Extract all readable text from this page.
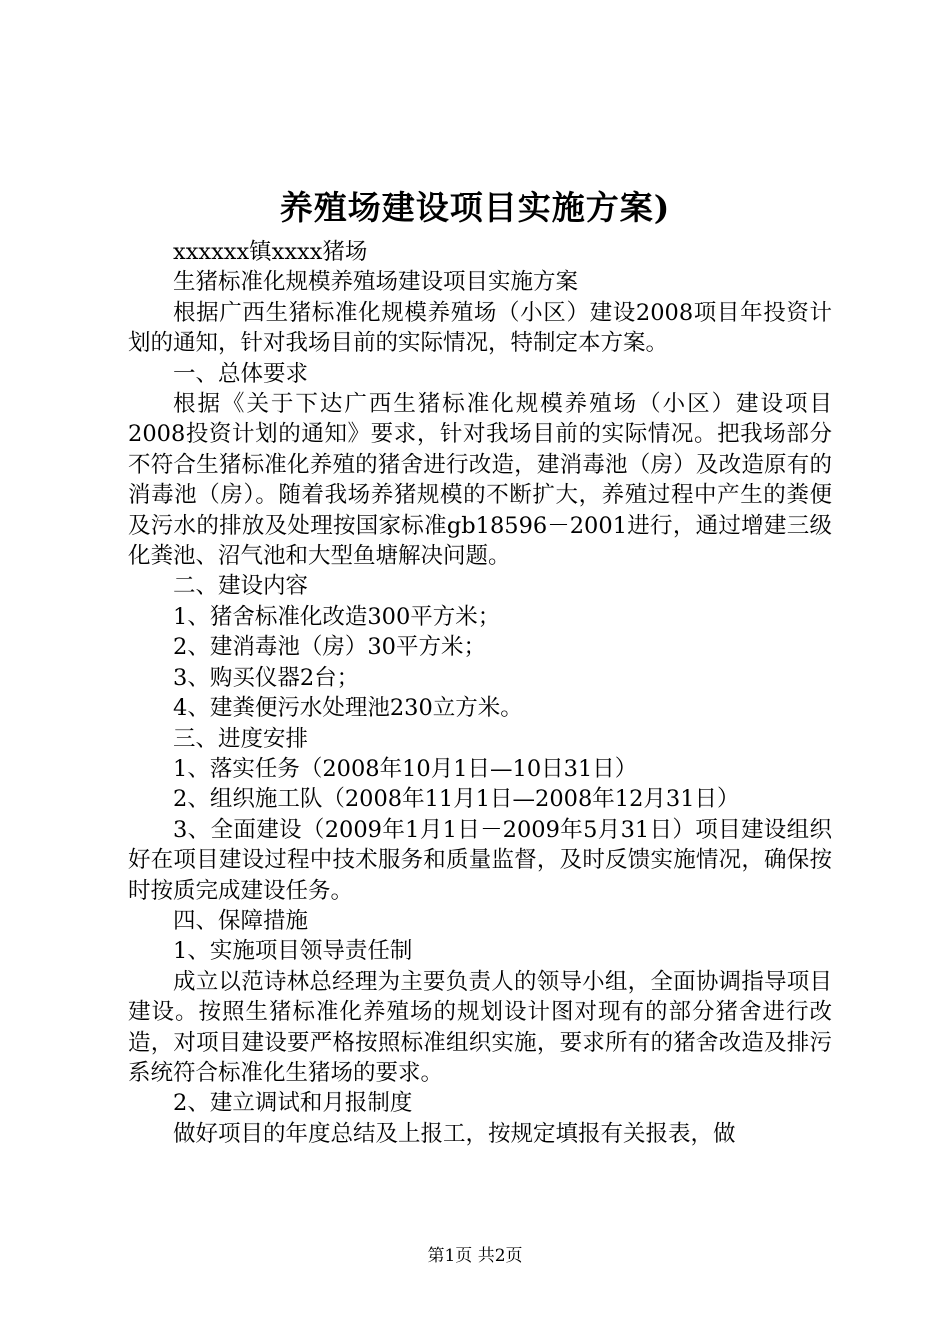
养殖场建设项目实施方案)

xxxxxx镇xxxx猪场

生猪标准化规模养殖场建设项目实施方案

根据广西生猪标准化规模养殖场（小区）建设2008项目年投资计划的通知，针对我场目前的实际情况，特制定本方案。

一、总体要求

根据《关于下达广西生猪标准化规模养殖场（小区）建设项目2008投资计划的通知》要求，针对我场目前的实际情况。把我场部分不符合生猪标准化养殖的猪舍进行改造，建消毒池（房）及改造原有的消毒池（房）。随着我场养猪规模的不断扩大，养殖过程中产生的粪便及污水的排放及处理按国家标准gb18596－2001进行，通过增建三级化粪池、沼气池和大型鱼塘解决问题。

二、建设内容

1、猪舍标准化改造300平方米；

2、建消毒池（房）30平方米；

3、购买仪器2台；

4、建粪便污水处理池230立方米。

三、进度安排

1、落实任务（2008年10月1日—10日31日）

2、组织施工队（2008年11月1日—2008年12月31日）

3、全面建设（2009年1月1日－2009年5月31日）项目建设组织好在项目建设过程中技术服务和质量监督，及时反馈实施情况，确保按时按质完成建设任务。

四、保障措施

1、实施项目领导责任制

成立以范诗林总经理为主要负责人的领导小组，全面协调指导项目建设。按照生猪标准化养殖场的规划设计图对现有的部分猪舍进行改造，对项目建设要严格按照标准组织实施，要求所有的猪舍改造及排污系统符合标准化生猪场的要求。

2、建立调试和月报制度

做好项目的年度总结及上报工，按规定填报有关报表，做

第1页 共2页
